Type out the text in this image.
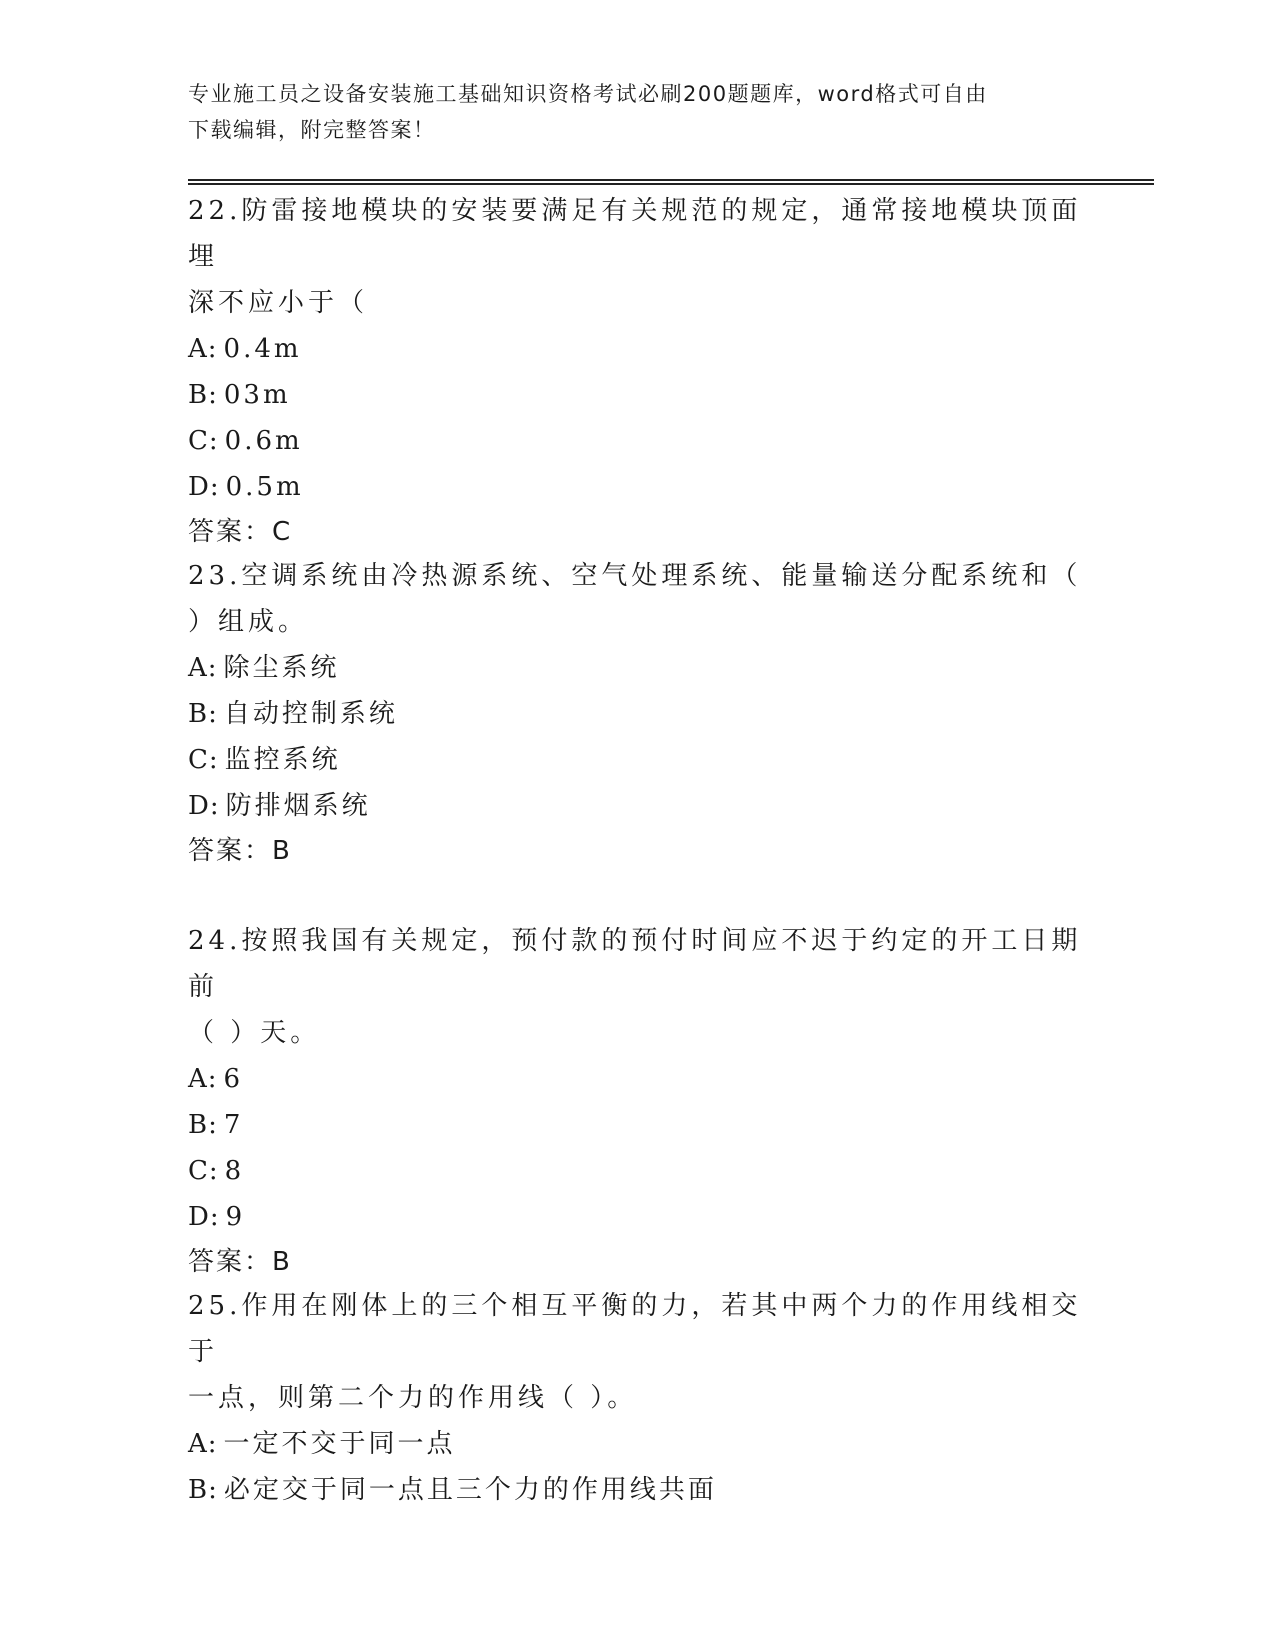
专业施工员之设备安装施工基础知识资格考试必刷200题题库，word格式可自由
下载编辑，附完整答案！

22.防雷接地模块的安装要满足有关规范的规定，通常接地模块顶面埋

深不应小于（

A: 0.4m

B: 03m

C: 0.6m

D: 0.5m

答案：C

23.空调系统由冷热源系统、空气处理系统、能量输送分配系统和（

）组成。

A: 除尘系统

B: 自动控制系统

C: 监控系统

D: 防排烟系统

答案：B

24.按照我国有关规定，预付款的预付时间应不迟于约定的开工日期前

（ ）天。

A: 6

B: 7

C: 8

D: 9

答案：B

25.作用在刚体上的三个相互平衡的力，若其中两个力的作用线相交于

一点，则第二个力的作用线（ ）。

A: 一定不交于同一点

B: 必定交于同一点且三个力的作用线共面
